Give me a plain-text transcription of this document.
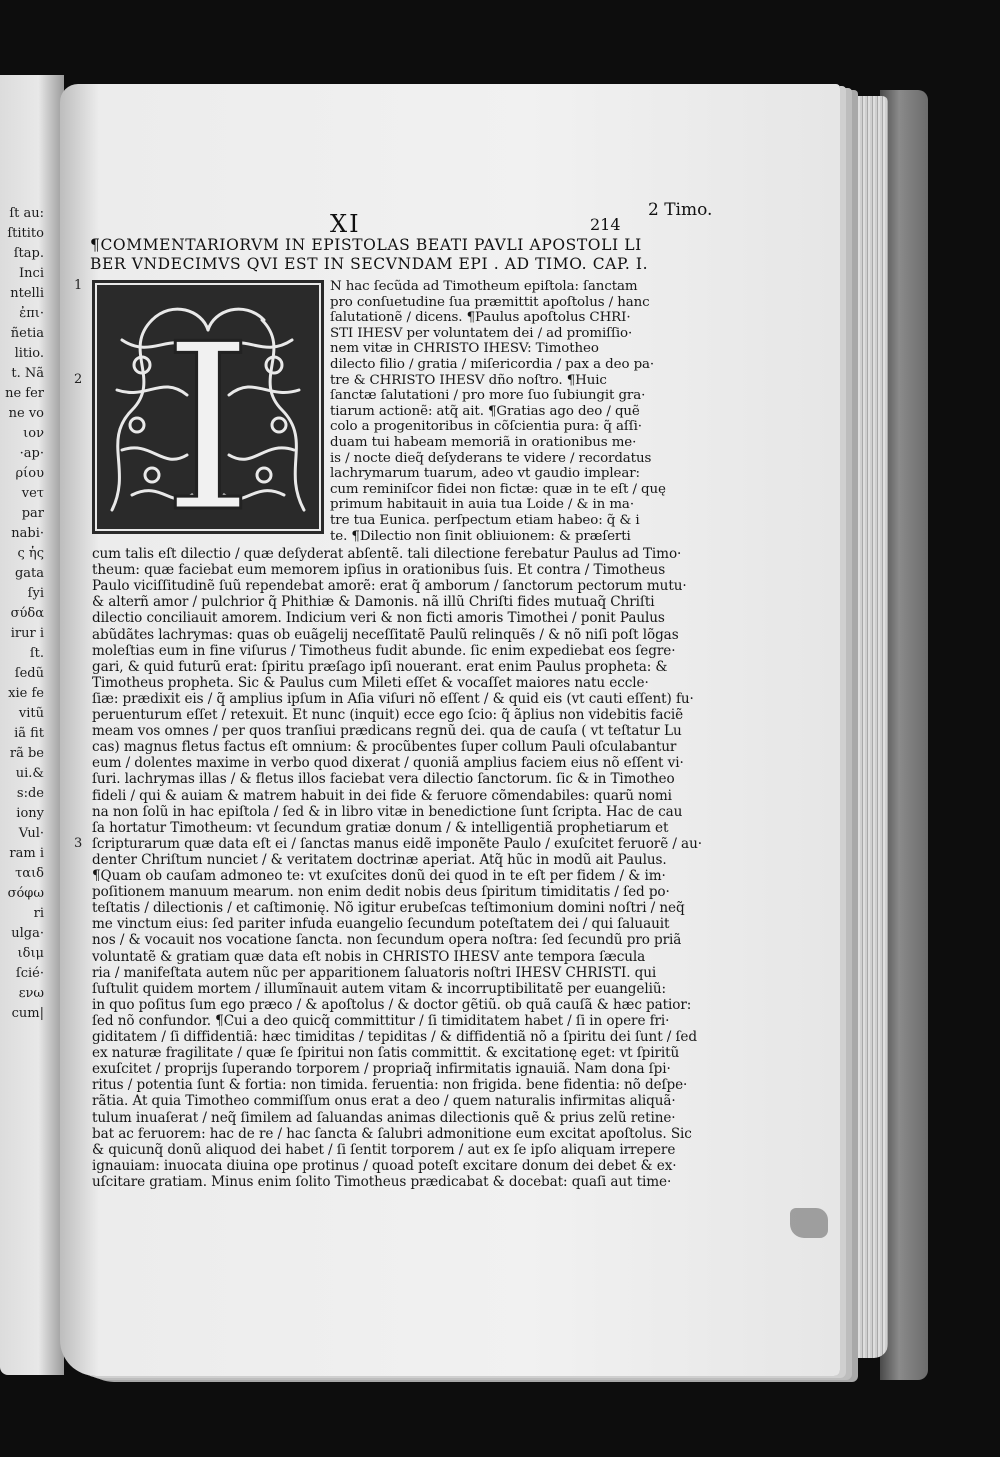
ſt au:
ſtitito
ſtap.
Inci
ntelli
ἐπι·
ñetia
litio.
t. Nã
ne fer
ne vo
ιον
·ap·
ρίου
veτ
par
nabi·
ς ἡς
gata
ſyi
σύδα
irur i
ſt.
ſedũ
xie fe
vitũ
iã fit
rã be
ui.&
s:de
iony
Vul·
ram i
ταιδ
σόφω
ri
ulga·
ιδιμ
ſcié·
ενω
cum|
XI	214
2 Timo.
¶COMMENTARIORVM IN EPISTOLAS BEATI PAVLI APOSTOLI LI
BER VNDECIMVS QVI EST IN SECVNDAM EPI . AD TIMO. CAP. I.
I
N hac ſecũda ad Timotheum epiſtola: ſanctam
pro conſuetudine ſua præmittit apoſtolus / hanc
ſalutationẽ / dicens. ¶Paulus apoſtolus CHRI·
STI IHESV per voluntatem dei / ad promiſſio·
nem vitæ in CHRISTO IHESV: Timotheo
dilecto filio / gratia / miſericordia / pax a deo pa·
tre & CHRISTO IHESV dño noſtro. ¶Huic
ſanctæ ſalutationi / pro more ſuo ſubiungit gra·
tiarum actionẽ: atq̃ ait. ¶Gratias ago deo / quẽ
colo a progenitoribus in cõſcientia pura: q̃ aſſi·
duam tui habeam memoriã in orationibus me·
is / nocte dieq̃ deſyderans te videre / recordatus
lachrymarum tuarum, adeo vt gaudio implear:
cum reminiſcor fidei non fictæ: quæ in te eſt / quę
primum habitauit in auia tua Loide / & in ma·
tre tua Eunica. perſpectum etiam habeo: q̃ & i
te. ¶Dilectio non ſinit obliuionem: & præſerti
cum talis eſt dilectio / quæ deſyderat abſentẽ. tali dilectione ferebatur Paulus ad Timo·
theum: quæ faciebat eum memorem ipſius in orationibus ſuis. Et contra / Timotheus
Paulo viciſſitudinẽ ſuũ rependebat amorẽ: erat q̃ amborum / ſanctorum pectorum mutu·
& alterñ amor / pulchrior q̃ Phithiæ & Damonis. nã illũ Chriſti fides mutuaq̃ Chriſti
dilectio conciliauit amorem. Indicium veri & non ficti amoris Timothei / ponit Paulus
abũdãtes lachrymas: quas ob euãgelij neceſſitatẽ Paulũ relinquẽs / & nõ niſi poſt lõgas
moleſtias eum in fine viſurus / Timotheus fudit abunde. ſic enim expediebat eos ſegre·
gari, & quid futurũ erat: ſpiritu præſago ipſi nouerant. erat enim Paulus propheta: &
Timotheus propheta. Sic & Paulus cum Mileti eſſet & vocaſſet maiores natu eccle·
ſiæ: prædixit eis / q̃ amplius ipſum in Aſia viſuri nõ eſſent / & quid eis (vt cauti eſſent) fu·
peruenturum eſſet / retexuit. Et nunc (inquit) ecce ego ſcio: q̃ ãplius non videbitis faciẽ
meam vos omnes / per quos tranſiui prædicans regnũ dei. qua de cauſa ( vt teſtatur Lu
cas) magnus fletus factus eſt omnium: & procũbentes ſuper collum Pauli oſculabantur
eum / dolentes maxime in verbo quod dixerat / quoniã amplius faciem eius nõ eſſent vi·
ſuri. lachrymas illas / & fletus illos faciebat vera dilectio ſanctorum. ſic & in Timotheo
fideli / qui & auiam & matrem habuit in dei fide & feruore cõmendabiles: quarũ nomi
na non ſolũ in hac epiſtola / ſed & in libro vitæ in benedictione ſunt ſcripta. Hac de cau
ſa hortatur Timotheum: vt ſecundum gratiæ donum / & intelligentiã prophetiarum et
ſcripturarum quæ data eſt ei / ſanctas manus eidẽ imponẽte Paulo / exuſcitet feruorẽ / au·
denter Chriſtum nunciet / & veritatem doctrinæ aperiat. Atq̃ hũc in modũ ait Paulus.
¶Quam ob cauſam admoneo te: vt exuſcites donũ dei quod in te eſt per fidem / & im·
poſitionem manuum mearum. non enim dedit nobis deus ſpiritum timiditatis / ſed po·
teſtatis / dilectionis / et caſtimonię. Nõ igitur erubeſcas teſtimonium domini noſtri / neq̃
me vinctum eius: ſed pariter infuda euangelio ſecundum poteſtatem dei / qui ſaluauit
nos / & vocauit nos vocatione ſancta. non ſecundum opera noſtra: ſed ſecundũ pro priã
voluntatẽ & gratiam quæ data eſt nobis in CHRISTO IHESV ante tempora ſæcula
ria / manifeſtata autem nũc per apparitionem ſaluatoris noſtri IHESV CHRISTI. qui
ſuſtulit quidem mortem / illumĩnauit autem vitam & incorruptibilitatẽ per euangeliũ:
in quo poſitus ſum ego præco / & apoſtolus / & doctor gẽtiũ. ob quã cauſã & hæc patior:
ſed nõ confundor. ¶Cui a deo quicq̃ committitur / ſi timiditatem habet / ſi in opere fri·
giditatem / ſi diffidentiã: hæc timiditas / tepiditas / & diffidentiã nõ a ſpiritu dei ſunt / ſed
ex naturæ fragilitate / quæ ſe ſpiritui non ſatis committit. & excitationę eget: vt ſpiritũ
exuſcitet / proprijs ſuperando torporem / propriaq̃ infirmitatis ignauiã. Nam dona ſpi·
ritus / potentia ſunt & fortia: non timida. feruentia: non frigida. bene fidentia: nõ deſpe·
rãtia. At quia Timotheo commiſſum onus erat a deo / quem naturalis infirmitas aliquã·
tulum inuaſerat / neq̃ ſimilem ad ſaluandas animas dilectionis quẽ & prius zelũ retine·
bat ac feruorem: hac de re / hac ſancta & ſalubri admonitione eum excitat apoſtolus. Sic
& quicunq̃ donũ aliquod dei habet / ſi ſentit torporem / aut ex ſe ipſo aliquam irrepere
ignauiam: inuocata diuina ope protinus / quoad poteſt excitare donum dei debet & ex·
uſcitare gratiam. Minus enim ſolito Timotheus prædicabat & docebat: quaſi aut time·
1
2
3
